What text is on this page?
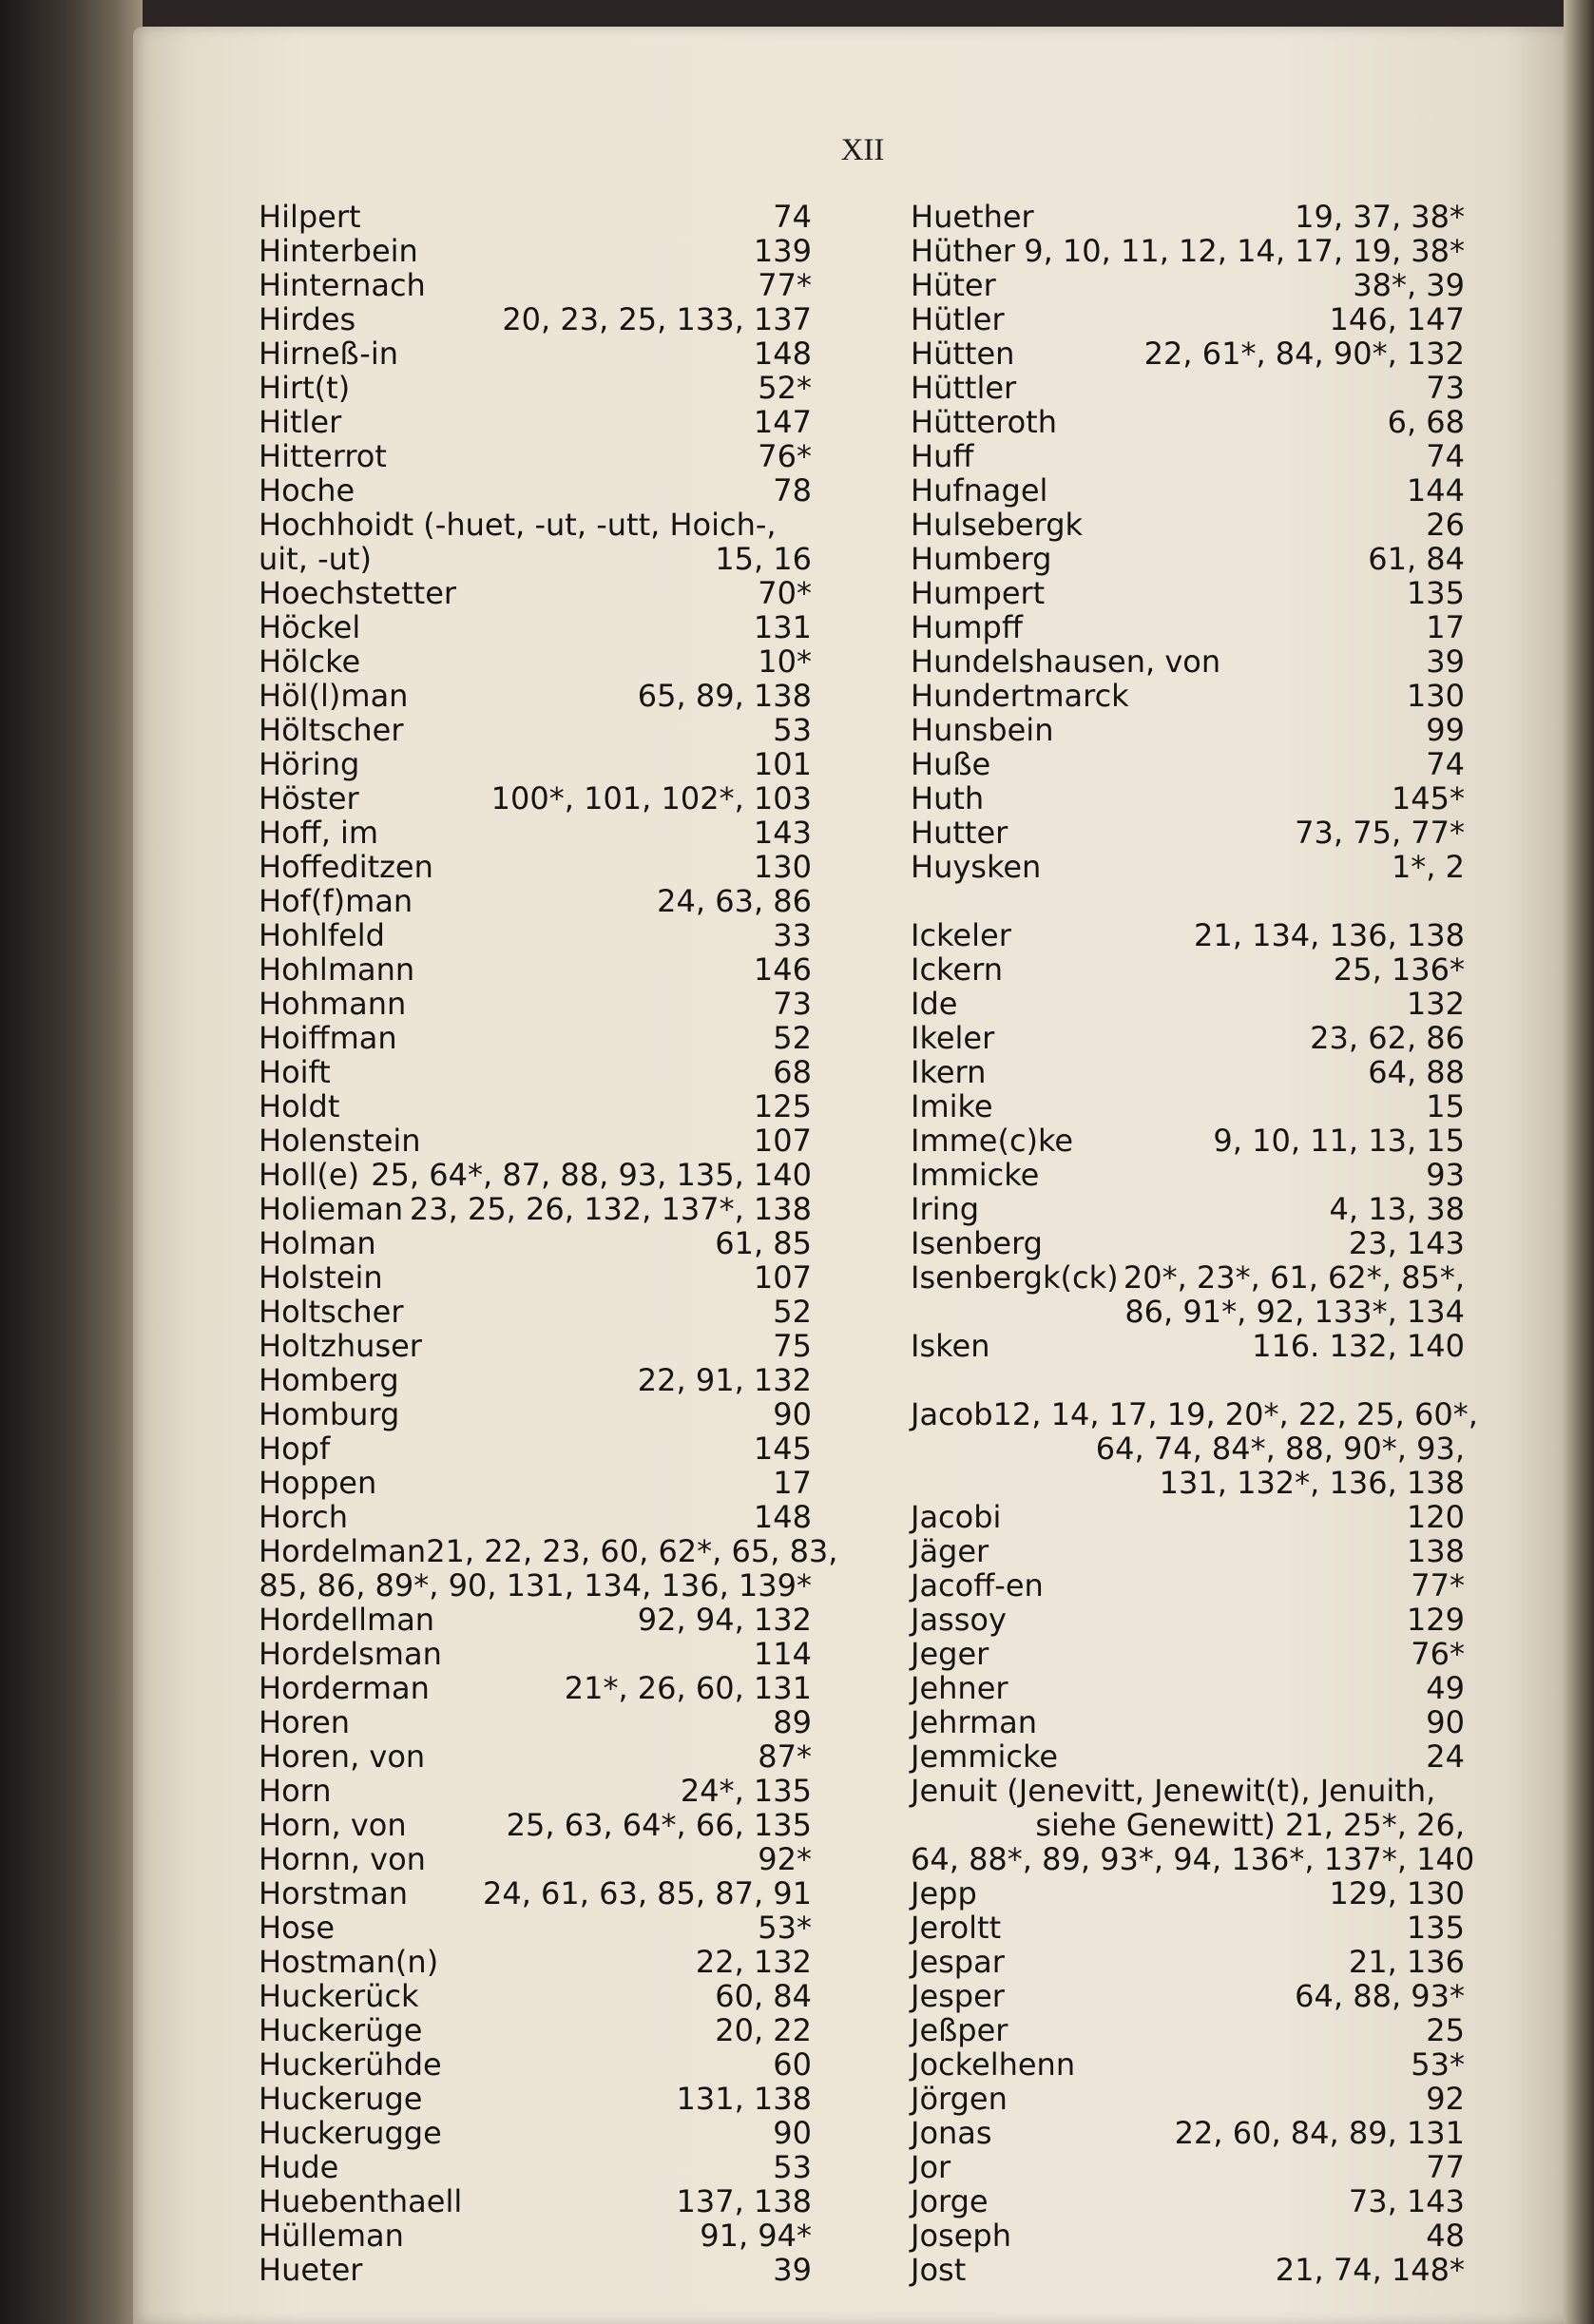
XII
Hilpert	74
Hinterbein	139
Hinternach	77*
Hirdes	20, 23, 25, 133, 137
Hirneß-in	148
Hirt(t)	52*
Hitler	147
Hitterrot	76*
Hoche	78
Hochhoidt (-huet, -ut, -utt, Hoich-,
uit, -ut)	15, 16
Hoechstetter	70*
Höckel	131
Hölcke	10*
Höl(l)man	65, 89, 138
Höltscher	53
Höring	101
Höster	100*, 101, 102*, 103
Hoff, im	143
Hoffeditzen	130
Hof(f)man	24, 63, 86
Hohlfeld	33
Hohlmann	146
Hohmann	73
Hoiffman	52
Hoift	68
Holdt	125
Holenstein	107
Holl(e) 25, 64*, 87, 88, 93, 135, 140
Holieman 23, 25, 26, 132, 137*, 138
Holman	61, 85
Holstein	107
Holtscher	52
Holtzhuser	75
Homberg	22, 91, 132
Homburg	90
Hopf	145
Hoppen	17
Horch	148
Hordelman 21, 22, 23, 60, 62*, 65, 83,
85, 86, 89*, 90, 131, 134, 136, 139*
Hordellman	92, 94, 132
Hordelsman	114
Horderman	21*, 26, 60, 131
Horen	89
Horen, von	87*
Horn	24*, 135
Horn, von	25, 63, 64*, 66, 135
Hornn, von	92*
Horstman 24, 61, 63, 85, 87, 91
Hose	53*
Hostman(n)	22, 132
Huckerück	60, 84
Huckerüge	20, 22
Huckerühde	60
Huckeruge	131, 138
Huckerugge	90
Hude	53
Huebenthaell	137, 138
Hülleman	91, 94*
Hueter	39
Huether	19, 37, 38*
Hüther 9, 10, 11, 12, 14, 17, 19, 38*
Hüter	38*, 39
Hütler	146, 147
Hütten	22, 61*, 84, 90*, 132
Hüttler	73
Hütteroth	6, 68
Huff	74
Hufnagel	144
Hulsebergk	26
Humberg	61, 84
Humpert	135
Humpff	17
Hundelshausen, von	39
Hundertmarck	130
Hunsbein	99
Huße	74
Huth	145*
Hutter	73, 75, 77*
Huysken	1*, 2
Ickeler	21, 134, 136, 138
Ickern	25, 136*
Ide	132
Ikeler	23, 62, 86
Ikern	64, 88
Imike	15
Imme(c)ke	9, 10, 11, 13, 15
Immicke	93
Iring	4, 13, 38
Isenberg	23, 143
Isenbergk(ck) 20*, 23*, 61, 62*, 85*,
86, 91*, 92, 133*, 134
Isken	116. 132, 140
Jacob 12, 14, 17, 19, 20*, 22, 25, 60*,
64, 74, 84*, 88, 90*, 93,
131, 132*, 136, 138
Jacobi	120
Jäger	138
Jacoff-en	77*
Jassoy	129
Jeger	76*
Jehner	49
Jehrman	90
Jemmicke	24
Jenuit (Jenevitt, Jenewit(t), Jenuith,
siehe Genewitt) 21, 25*, 26,
64, 88*, 89, 93*, 94, 136*, 137*, 140
Jepp	129, 130
Jeroltt	135
Jespar	21, 136
Jesper	64, 88, 93*
Jeßper	25
Jockelhenn	53*
Jörgen	92
Jonas	22, 60, 84, 89, 131
Jor	77
Jorge	73, 143
Joseph	48
Jost	21, 74, 148*
